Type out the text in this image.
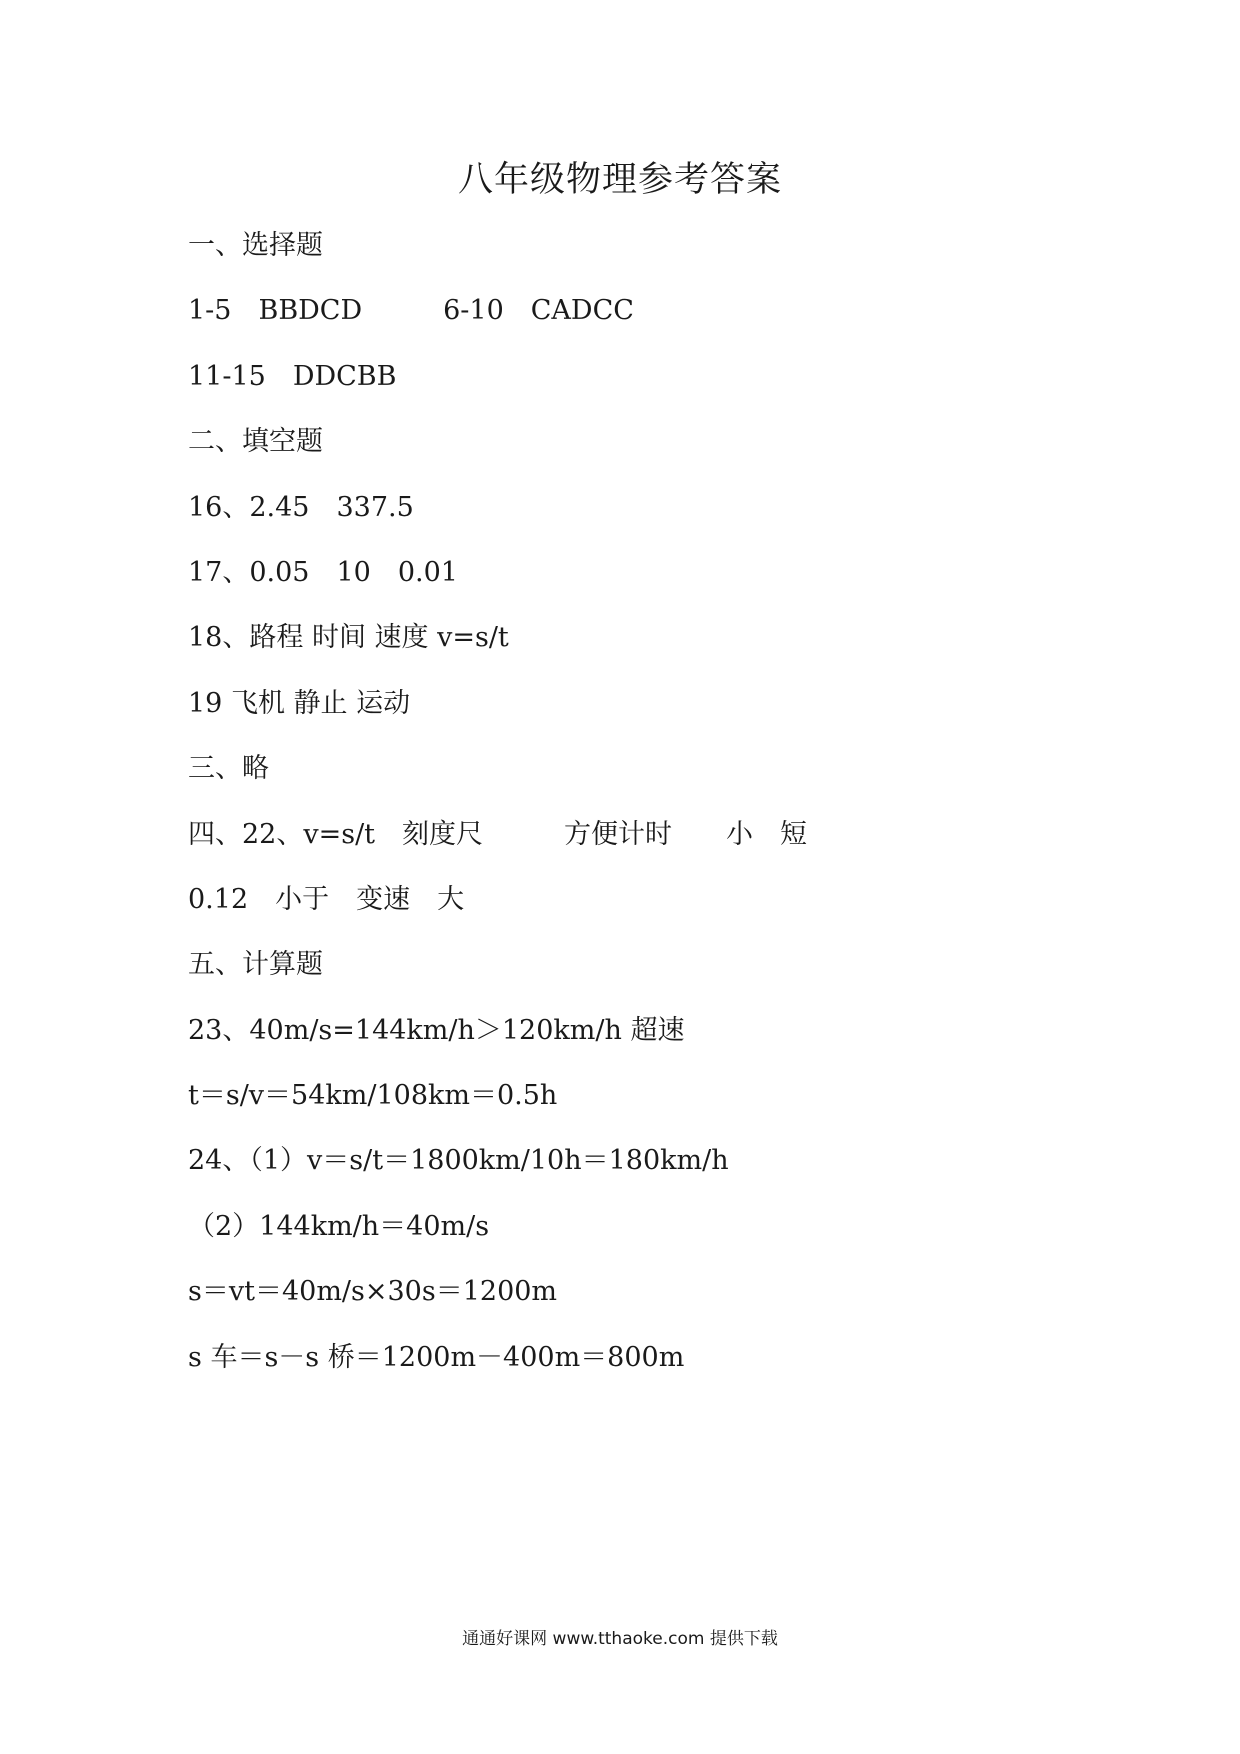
八年级物理参考答案
一、选择题
1-5　BBDCD　　　6-10　CADCC
11-15　DDCBB
二、填空题
16、2.45　337.5
17、0.05　10　0.01
18、路程 时间 速度 v=s/t
19 飞机 静止 运动
三、略
四、22、v=s/t　刻度尺　　　方便计时　　小　短
0.12　小于　变速　大
五、计算题
23、40m/s=144km/h＞120km/h 超速
t＝s/v＝54km/108km＝0.5h
24、（1）v＝s/t＝1800km/10h＝180km/h
（2）144km/h＝40m/s
s＝vt＝40m/s×30s＝1200m
s 车＝s－s 桥＝1200m－400m＝800m
通通好课网 www.tthaoke.com 提供下载
